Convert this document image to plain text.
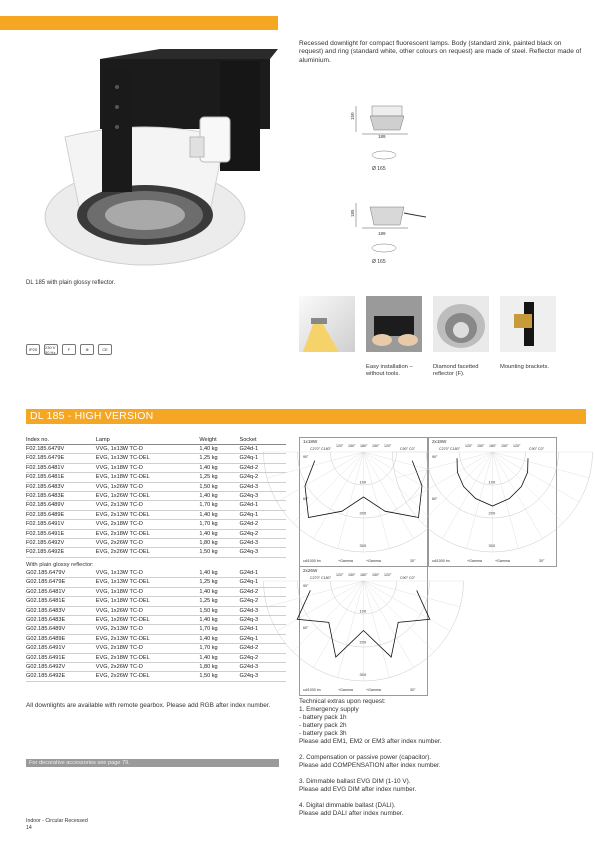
Recessed downlight for compact fluorescent lamps. Body (standard zink, painted black on request) and ring (standard white, other colours on request) are made of steel. Reflector made of aluminium.
150
189
Ø 165
185
189
Ø 165
DL 185 with plain glossy reflector.
IP20	230 V 50 Hz	F	⊕	CE
Easy installation – without tools.
Diamond facetted reflector (F).
Mounting brackets.
DL 185 - HIGH VERSION
Index no.	Lamp	Weight	Socket
F02.185.6479V	VVG, 1x13W TC-D	1,40 kg	G24d-1
F02.185.6479E	EVG, 1x13W TC-DEL	1,25 kg	G24q-1
F02.185.6481V	VVG, 1x18W TC-D	1,40 kg	G24d-2
F02.185.6481E	EVG, 1x18W TC-DEL	1,25 kg	G24q-2
F02.185.6483V	VVG, 1x26W TC-D	1,50 kg	G24d-3
F02.185.6483E	EVG, 1x26W TC-DEL	1,40 kg	G24q-3
F02.185.6489V	VVG, 2x13W TC-D	1,70 kg	G24d-1
F02.185.6489E	EVG, 2x13W TC-DEL	1,40 kg	G24q-1
F02.185.6491V	VVG, 2x18W TC-D	1,70 kg	G24d-2
F02.185.6491E	EVG, 2x18W TC-DEL	1,40 kg	G24q-2
F02.185.6492V	VVG, 2x26W TC-D	1,80 kg	G24d-3
F02.185.6492E	EVG, 2x26W TC-DEL	1,50 kg	G24q-3
With plain glossy reflector:
G02.185.6479V	VVG, 1x13W TC-D	1,40 kg	G24d-1
G02.185.6479E	EVG, 1x13W TC-DEL	1,25 kg	G24q-1
G02.185.6481V	VVG, 1x18W TC-D	1,40 kg	G24d-2
G02.185.6481E	EVG, 1x18W TC-DEL	1,25 kg	G24q-2
G02.185.6483V	VVG, 1x26W TC-D	1,50 kg	G24d-3
G02.185.6483E	EVG, 1x26W TC-DEL	1,40 kg	G24q-3
G02.185.6489V	VVG, 2x13W TC-D	1,70 kg	G24d-1
G02.185.6489E	EVG, 2x13W TC-DEL	1,40 kg	G24q-1
G02.185.6491V	VVG, 2x18W TC-D	1,70 kg	G24d-2
G02.185.6491E	EVG, 2x18W TC-DEL	1,40 kg	G24q-2
G02.185.6492V	VVG, 2x26W TC-D	1,80 kg	G24d-3
G02.185.6492E	EVG, 2x26W TC-DEL	1,50 kg	G24q-3
1x18W
100
200
300
C270° C180°	C90° C0°
90°
60°
cd/1000 lm	+Gamma	+Gamma	30°
120° 150° 180° 150° 120°
2x18W
100
200
300
C270° C180°	C90° C0°
90°
60°
cd/1000 lm	+Gamma	+Gamma	30°
120° 150° 180° 150° 120°
2x26W
100
200
300
C270° C180°	C90° C0°
90°
60°
cd/1000 lm	+Gamma	+Gamma	30°
120° 150° 180° 150° 120°
All downlights are available with remote gearbox. Please add RGB after index number.
For decorative accessories see page 79.
Technical extras upon request:
1. Emergency supply
- battery pack 1h
- battery pack 2h
- battery pack 3h
Please add EM1, EM2 or EM3 after index number.
2. Compensation or passive power (capacitor).
Please add COMPENSATION after index number.
3. Dimmable ballast EVG DIM (1-10 V).
Please add EVG DIM after index number.
4. Digital dimmable ballast (DALI).
Please add DALI after index number.
Indoor - Circular Recessed
14
